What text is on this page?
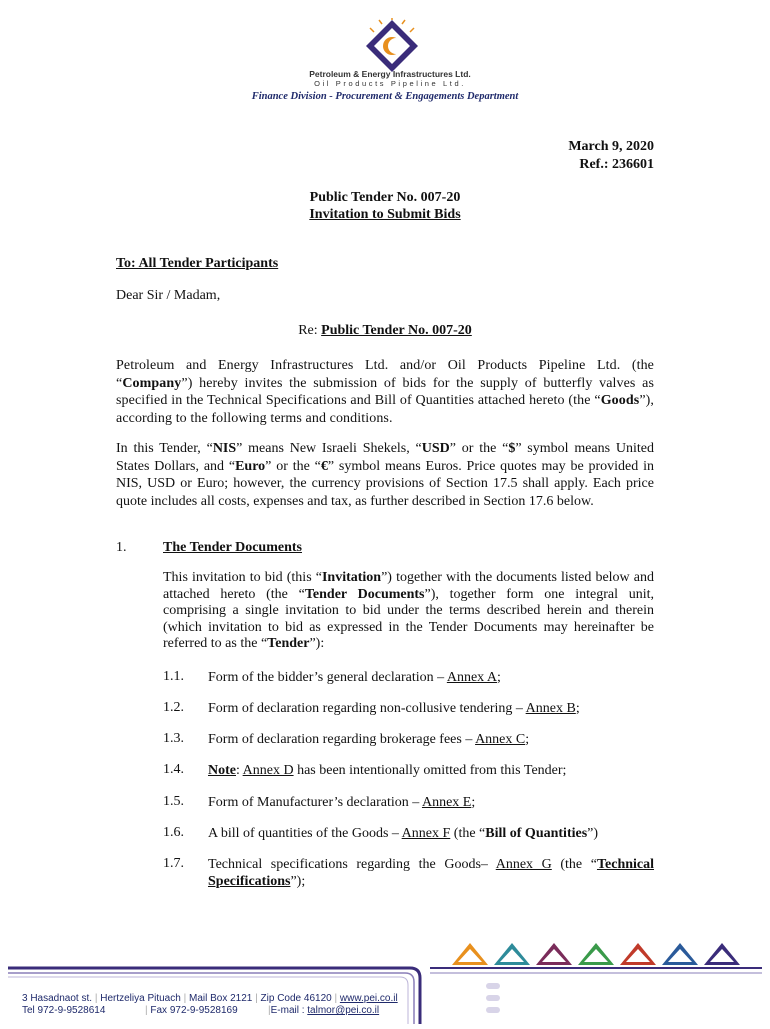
Petroleum & Energy Infrastructures Ltd.
Oil Products Pipeline Ltd.
Finance Division - Procurement & Engagements Department
March 9, 2020
Ref.: 236601
Public Tender No. 007-20
Invitation to Submit Bids
To: All Tender Participants
Dear Sir / Madam,
Re: Public Tender No. 007-20
Petroleum and Energy Infrastructures Ltd. and/or Oil Products Pipeline Ltd. (the “Company”) hereby invites the submission of bids for the supply of butterfly valves as specified in the Technical Specifications and Bill of Quantities attached hereto (the “Goods”), according to the following terms and conditions.
In this Tender, “NIS” means New Israeli Shekels, “USD” or the “$” symbol means United States Dollars, and “Euro” or the “€” symbol means Euros. Price quotes may be provided in NIS, USD or Euro; however, the currency provisions of Section 17.5 shall apply. Each price quote includes all costs, expenses and tax, as further described in Section 17.6 below.
1.	The Tender Documents
This invitation to bid (this “Invitation”) together with the documents listed below and attached hereto (the “Tender Documents”), together form one integral unit, comprising a single invitation to bid under the terms described herein and therein (which invitation to bid as expressed in the Tender Documents may hereinafter be referred to as the “Tender”):
1.1. Form of the bidder’s general declaration – Annex A;
1.2. Form of declaration regarding non-collusive tendering – Annex B;
1.3. Form of declaration regarding brokerage fees – Annex C;
1.4. Note: Annex D has been intentionally omitted from this Tender;
1.5. Form of Manufacturer’s declaration – Annex E;
1.6. A bill of quantities of the Goods – Annex F (the “Bill of Quantities”)
1.7. Technical specifications regarding the Goods– Annex G (the “Technical Specifications”);
3 Hasadnaot st. | Hertzeliya Pituach | Mail Box 2121 | Zip Code 46120 | www.pei.co.il
Tel 972-9-9528614	| Fax 972-9-9528169	|E-mail : talmor@pei.co.il
